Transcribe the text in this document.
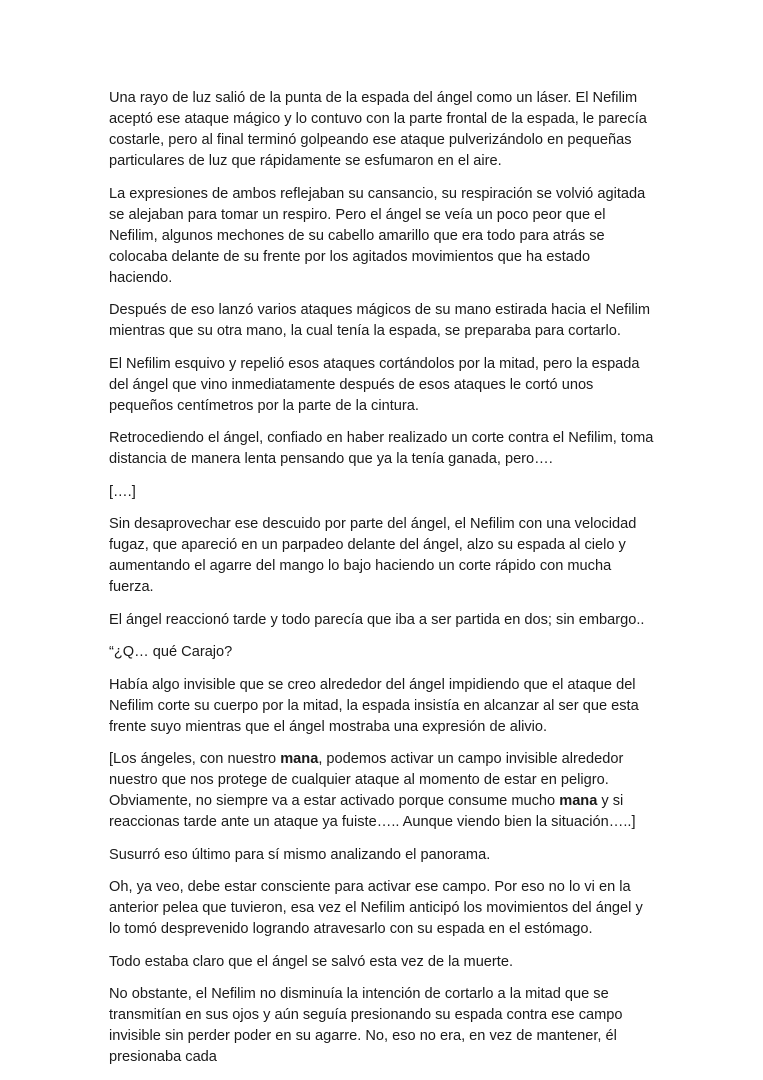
Una rayo de luz salió de la punta de la espada del ángel como un láser. El Nefilim aceptó ese ataque mágico y lo contuvo con la parte frontal de la espada, le parecía costarle, pero al final terminó golpeando ese ataque pulverizándolo en pequeñas particulares de luz que rápidamente se esfumaron en el aire.

La expresiones de ambos reflejaban su cansancio, su respiración se volvió agitada se alejaban para tomar un respiro. Pero el ángel se veía un poco peor que el Nefilim, algunos mechones de su cabello amarillo que era todo para atrás se colocaba delante de su frente por los agitados movimientos que ha estado haciendo.

Después de eso lanzó varios ataques mágicos de su mano estirada hacia el Nefilim mientras que su otra mano, la cual tenía la espada, se preparaba para cortarlo.

El Nefilim esquivo y repelió esos ataques cortándolos por la mitad, pero la espada del ángel que vino inmediatamente después de esos ataques le cortó unos pequeños centímetros por la parte de la cintura.

Retrocediendo el ángel, confiado en haber realizado un corte contra el Nefilim, toma distancia de manera lenta pensando que ya la tenía ganada, pero….

[….]

Sin desaprovechar ese descuido por parte del ángel, el Nefilim con una velocidad fugaz, que apareció en un parpadeo delante del ángel, alzo su espada al cielo y aumentando el agarre del mango lo bajo haciendo un corte rápido con mucha fuerza.

El ángel reaccionó tarde y todo parecía que iba a ser partida en dos; sin embargo..

“¿Q… qué Carajo?

Había algo invisible que se creo alrededor del ángel impidiendo que el ataque del Nefilim corte su cuerpo por la mitad, la espada insistía en alcanzar al ser que esta frente suyo mientras que el ángel mostraba una expresión de alivio.

[Los ángeles, con nuestro mana, podemos activar un campo invisible alrededor nuestro que nos protege de cualquier ataque al momento de estar en peligro. Obviamente, no siempre va a estar activado porque consume mucho mana y si reaccionas tarde ante un ataque ya fuiste….. Aunque viendo bien la situación…..]

Susurró eso último para sí mismo analizando el panorama.

Oh, ya veo, debe estar consciente para activar ese campo. Por eso no lo vi en la anterior pelea que tuvieron, esa vez el Nefilim anticipó los movimientos del ángel y lo tomó desprevenido logrando atravesarlo con su espada en el estómago.

Todo estaba claro que el ángel se salvó esta vez de la muerte.

No obstante, el Nefilim no disminuía la intención de cortarlo a la mitad que se transmitían en sus ojos y aún seguía presionando su espada contra ese campo invisible sin perder poder en su agarre. No, eso no era, en vez de mantener, él presionaba cada
